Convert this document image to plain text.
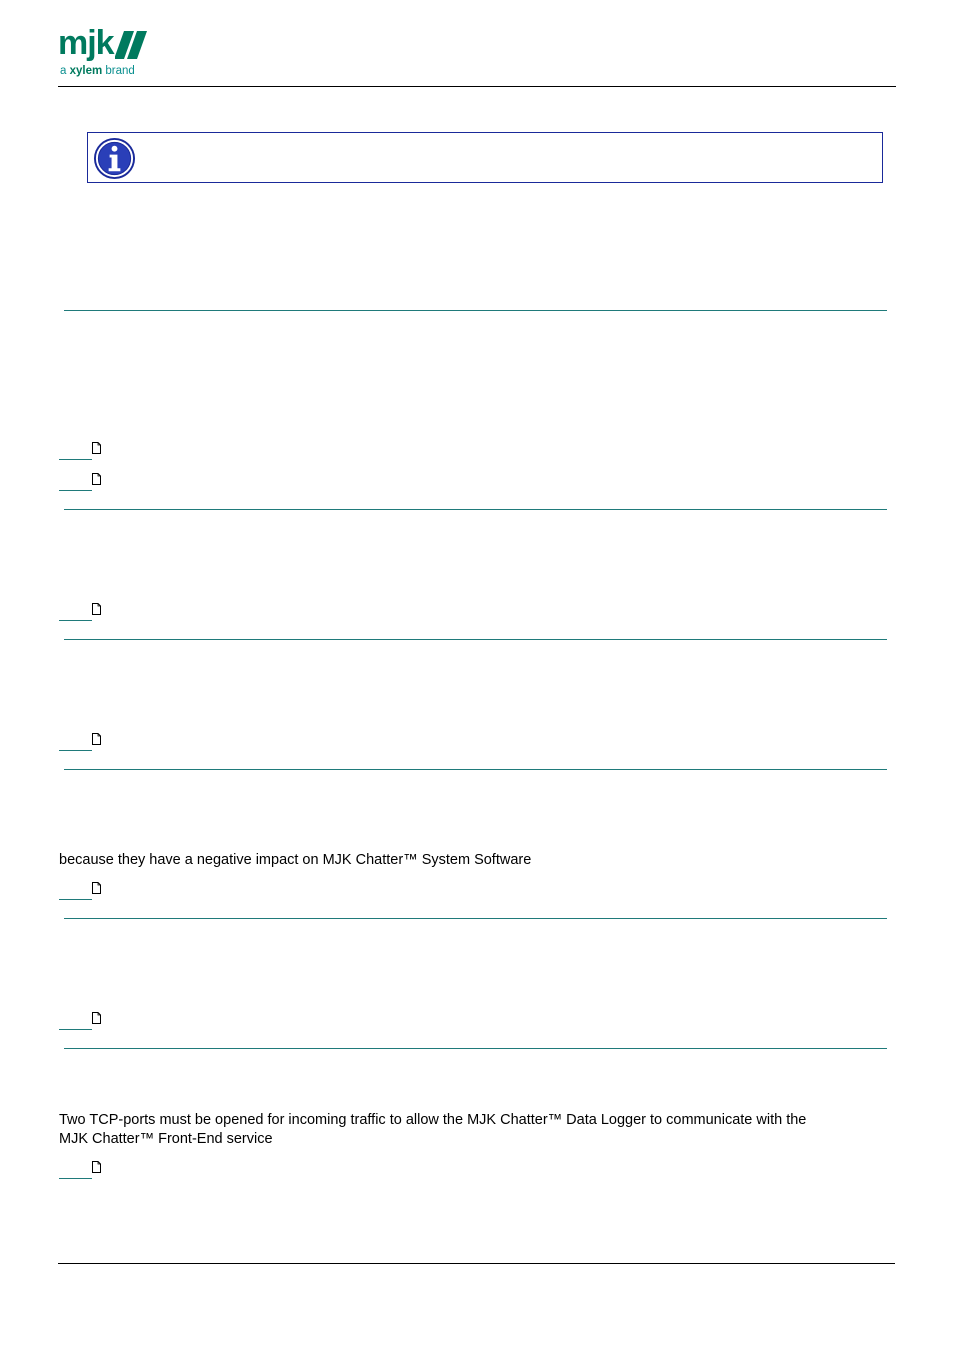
mjk
a xylem brand
because they have a negative impact on MJK Chatter™ System Software
Two TCP-ports must be opened for incoming traffic to allow the MJK Chatter™ Data Logger to communicate with the
MJK Chatter™ Front-End service
